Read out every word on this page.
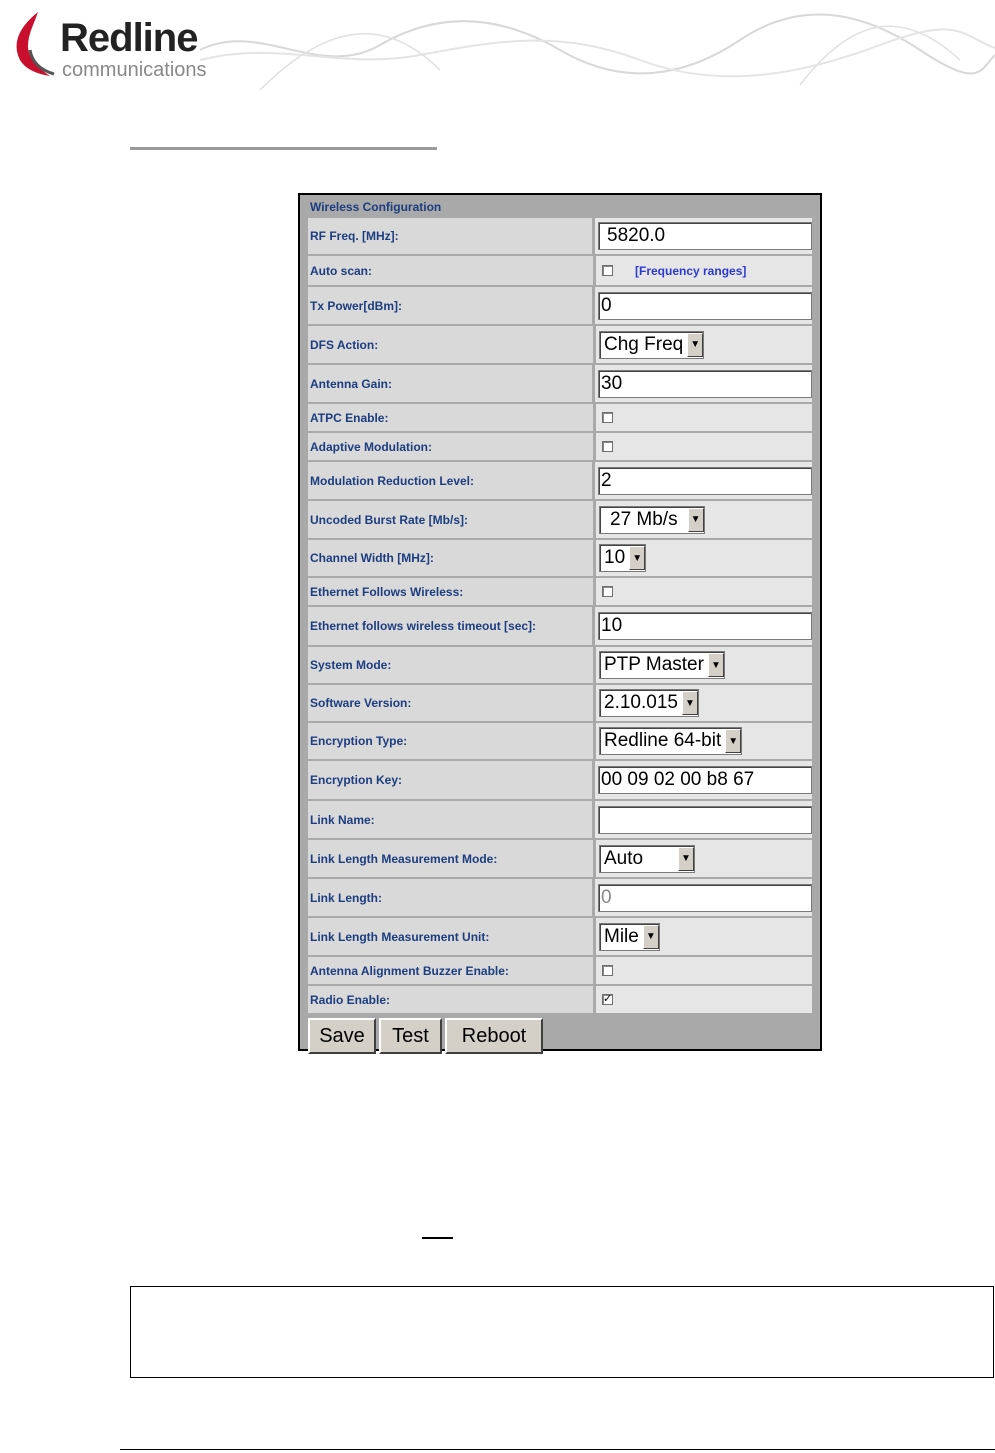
Redline
communications
Wireless Configuration
RF Freq. [MHz]:	5820.0
Auto scan:	[Frequency ranges]
Tx Power[dBm]:	0
DFS Action:	Chg Freq ▼
Antenna Gain:	30
ATPC Enable:
Adaptive Modulation:
Modulation Reduction Level:	2
Uncoded Burst Rate [Mb/s]:	27 Mb/s	▼
Channel Width [MHz]:	10 ▼
Ethernet Follows Wireless:
Ethernet follows wireless timeout [sec]:	10
System Mode:	PTP Master ▼
Software Version:	2.10.015 ▼
Encryption Type:	Redline 64-bit ▼
Encryption Key:	00 09 02 00 b8 67
Link Name:
Link Length Measurement Mode:	Auto	▼
Link Length:	0
Link Length Measurement Unit:	Mile ▼
Antenna Alignment Buzzer Enable:
Radio Enable:	✓
Save	Test	Reboot
